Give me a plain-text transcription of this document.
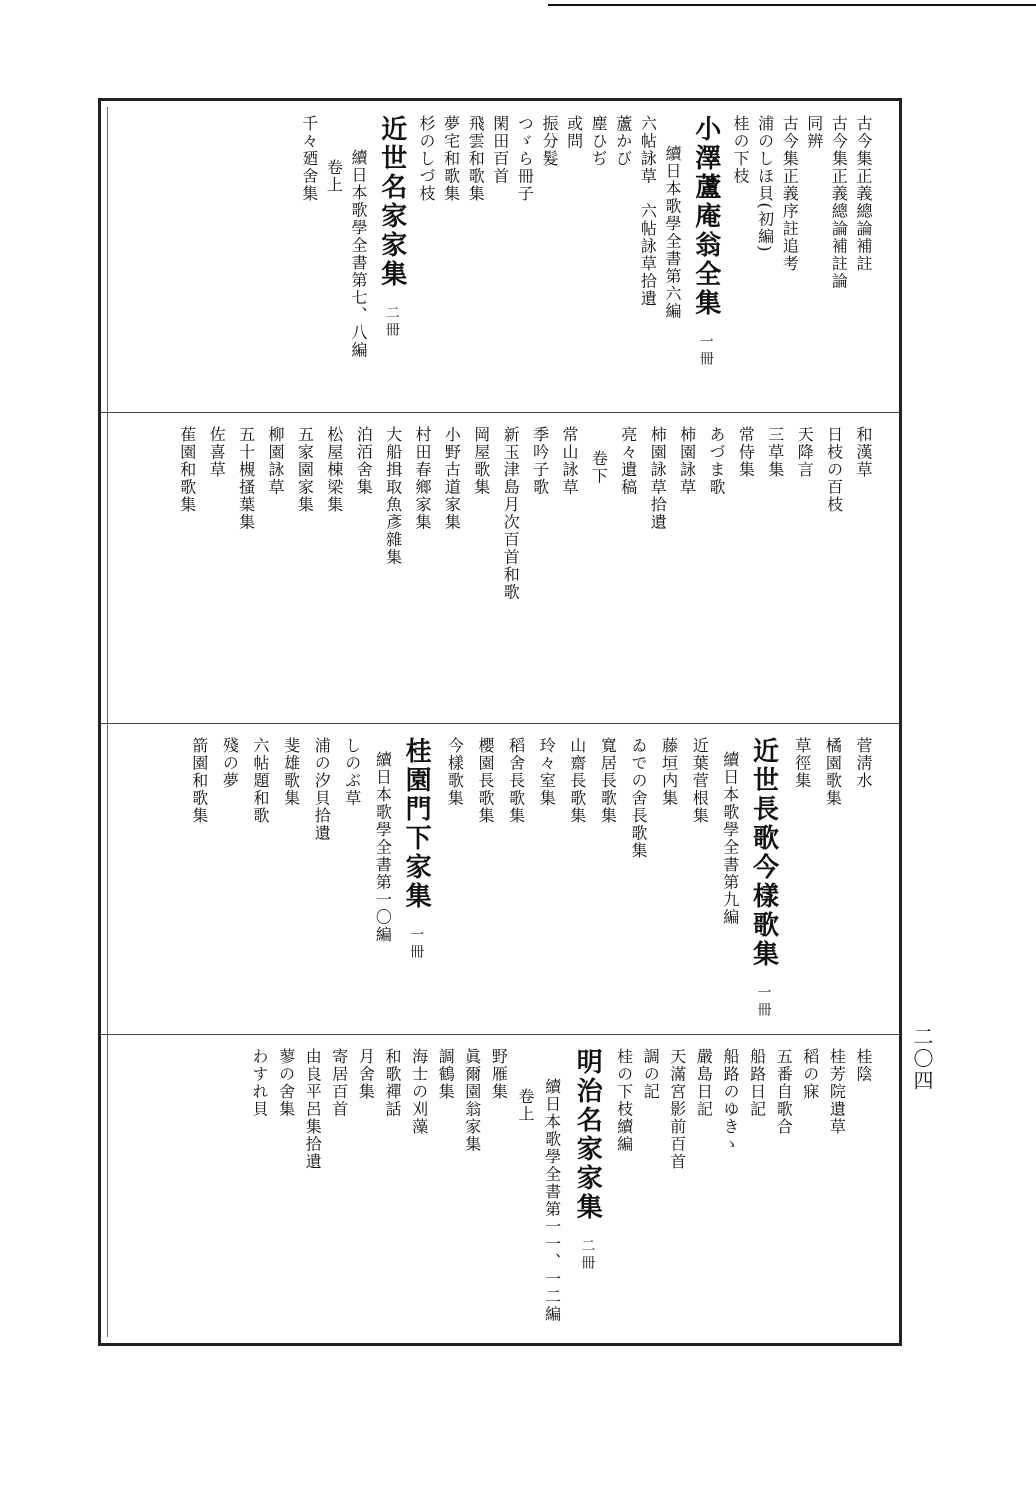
古今集正義總論補註
古今集正義總論補註論
同辨
古今集正義序註追考
浦のしほ貝(初編)
桂の下枝
小澤蘆庵翁全集一冊
續日本歌學全書第六編
六帖詠草　六帖詠草拾遺
蘆かび
塵ひぢ
或問
振分髮
つゞら冊子
閑田百首
飛雲和歌集
夢宅和歌集
杉のしづ枝
近世名家家集二冊
續日本歌學全書第七、八編
卷上
千々廼舍集
和漢草
日枝の百枝
天降言
三草集
常侍集
あづま歌
柿園詠草
柿園詠草拾遺
亮々遺稿
卷下
常山詠草
季吟子歌
新玉津島月次百首和歌
岡屋歌集
小野古道家集
村田春鄉家集
大船揖取魚彥雜集
泊洦舍集
松屋棟梁集
五家園家集
柳園詠草
五十槻搔葉集
佐喜草
萑園和歌集
菅淸水
橘園歌集
草徑集
近世長歌今樣歌集一冊
續日本歌學全書第九編
近葉菅根集
藤垣内集
ゐでの舍長歌集
寬居長歌集
山齋長歌集
玲々室集
稻舍長歌集
櫻園長歌集
今樣歌集
桂園門下家集一冊
續日本歌學全書第一〇編
しのぶ草
浦の汐貝拾遺
斐雄歌集
六帖題和歌
殘の夢
箭園和歌集
桂陰
桂芳院遺草
稻の寐
五番自歌合
船路日記
船路のゆきゝ
嚴島日記
天滿宮影前百首
調の記
桂の下枝續編
明治名家家集二冊
續日本歌學全書第一一、一二編
卷上
野雁集
眞爾園翁家集
調鶴集
海士の刈藻
和歌禪話
月舍集
寄居百首
由良平呂集拾遺
蓼の舍集
わすれ貝	二〇四
